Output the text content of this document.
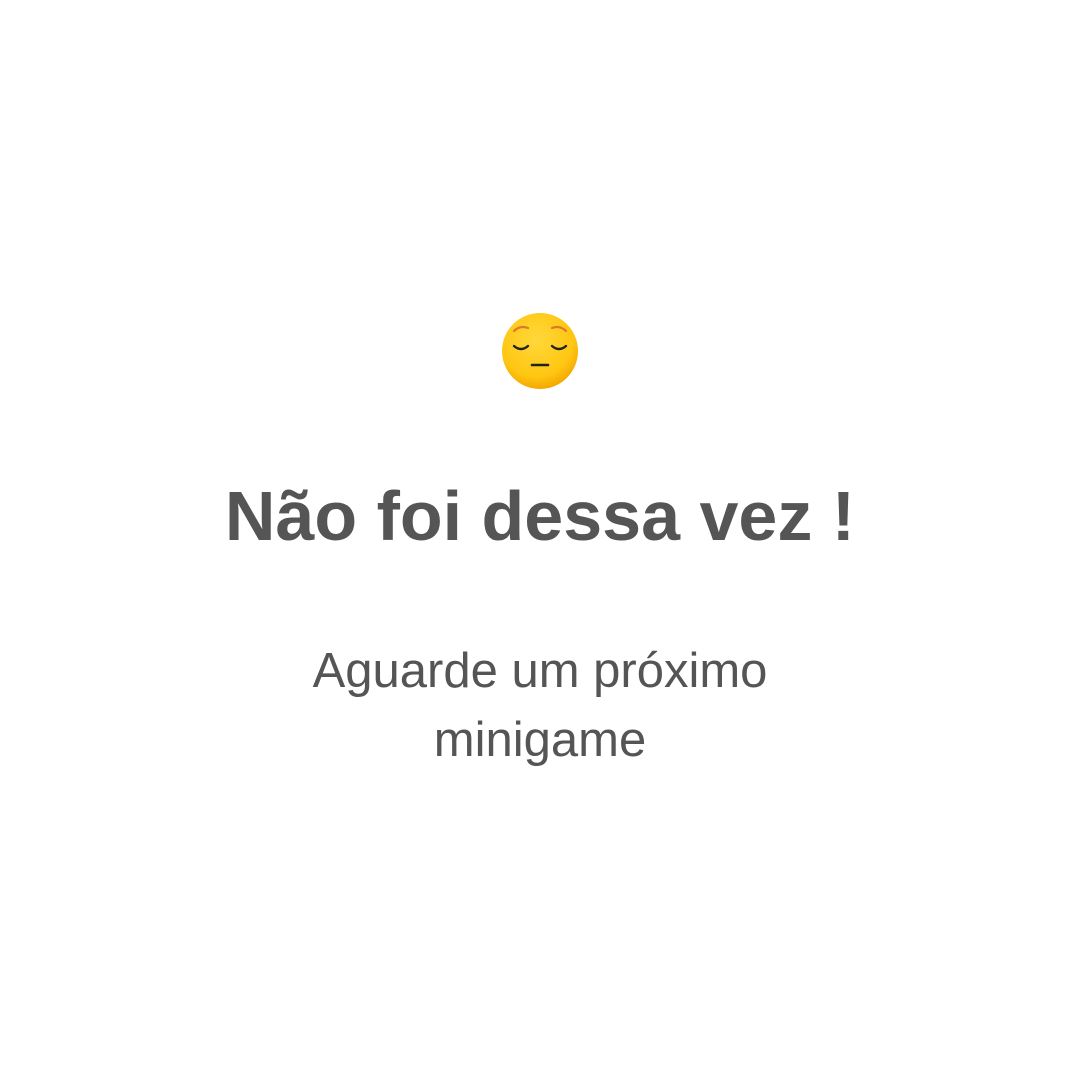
Não foi dessa vez !

Aguarde um próximo minigame
